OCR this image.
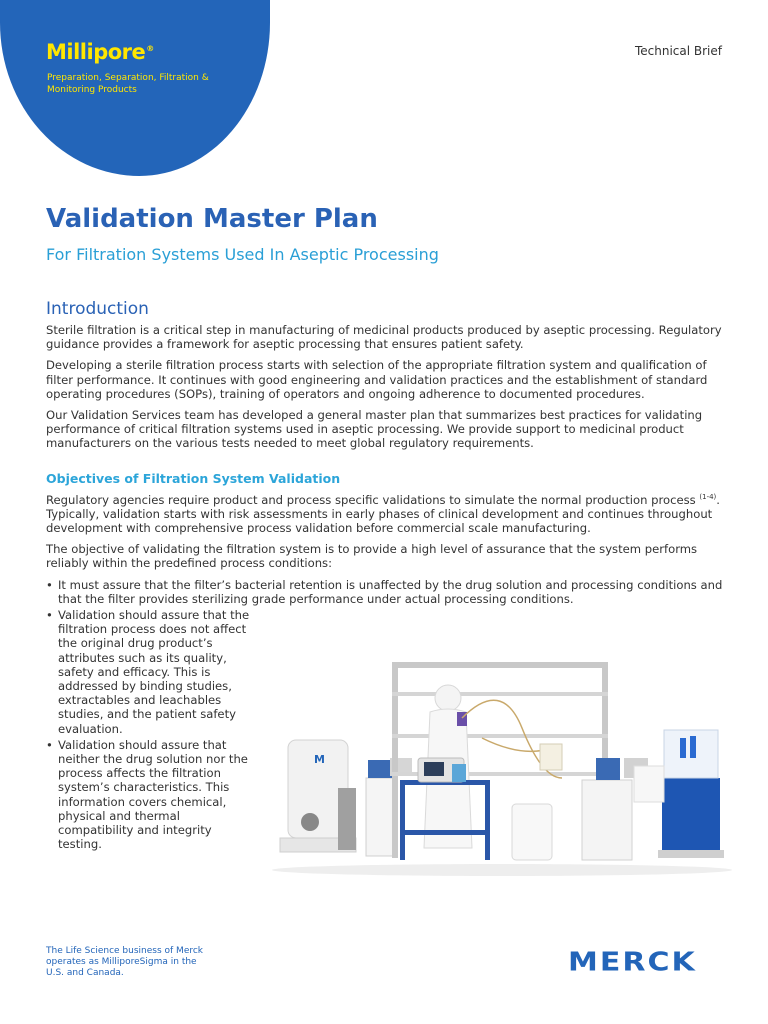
Millipore®
Preparation, Separation, Filtration & Monitoring Products
Technical Brief
Validation Master Plan
For Filtration Systems Used In Aseptic Processing
Introduction

Sterile filtration is a critical step in manufacturing of medicinal products produced by aseptic processing. Regulatory guidance provides a framework for aseptic processing that ensures patient safety.

Developing a sterile filtration process starts with selection of the appropriate filtration system and qualification of filter performance. It continues with good engineering and validation practices and the establishment of standard operating procedures (SOPs), training of operators and ongoing adherence to documented procedures.

Our Validation Services team has developed a general master plan that summarizes best practices for validating performance of critical filtration systems used in aseptic processing. We provide support to medicinal product manufacturers on the various tests needed to meet global regulatory requirements.

Objectives of Filtration System Validation

Regulatory agencies require product and process specific validations to simulate the normal production process $^{(1-4)}$. Typically, validation starts with risk assessments in early phases of clinical development and continues throughout development with comprehensive process validation before commercial scale manufacturing.

The objective of validating the filtration system is to provide a high level of assurance that the system performs reliably within the predefined process conditions:

• It must assure that the filter’s bacterial retention is unaffected by the drug solution and processing conditions and that the filter provides sterilizing grade performance under actual processing conditions.
• Validation should assure that the filtration process does not affect the original drug product’s attributes such as its quality, safety and efficacy. This is addressed by binding studies, extractables and leachables studies, and the patient safety evaluation.
• Validation should assure that neither the drug solution nor the process affects the filtration system’s characteristics. This information covers chemical, physical and thermal compatibility and integrity testing.
M
The Life Science business of Merck operates as MilliporeSigma in the U.S. and Canada.	MERCK
